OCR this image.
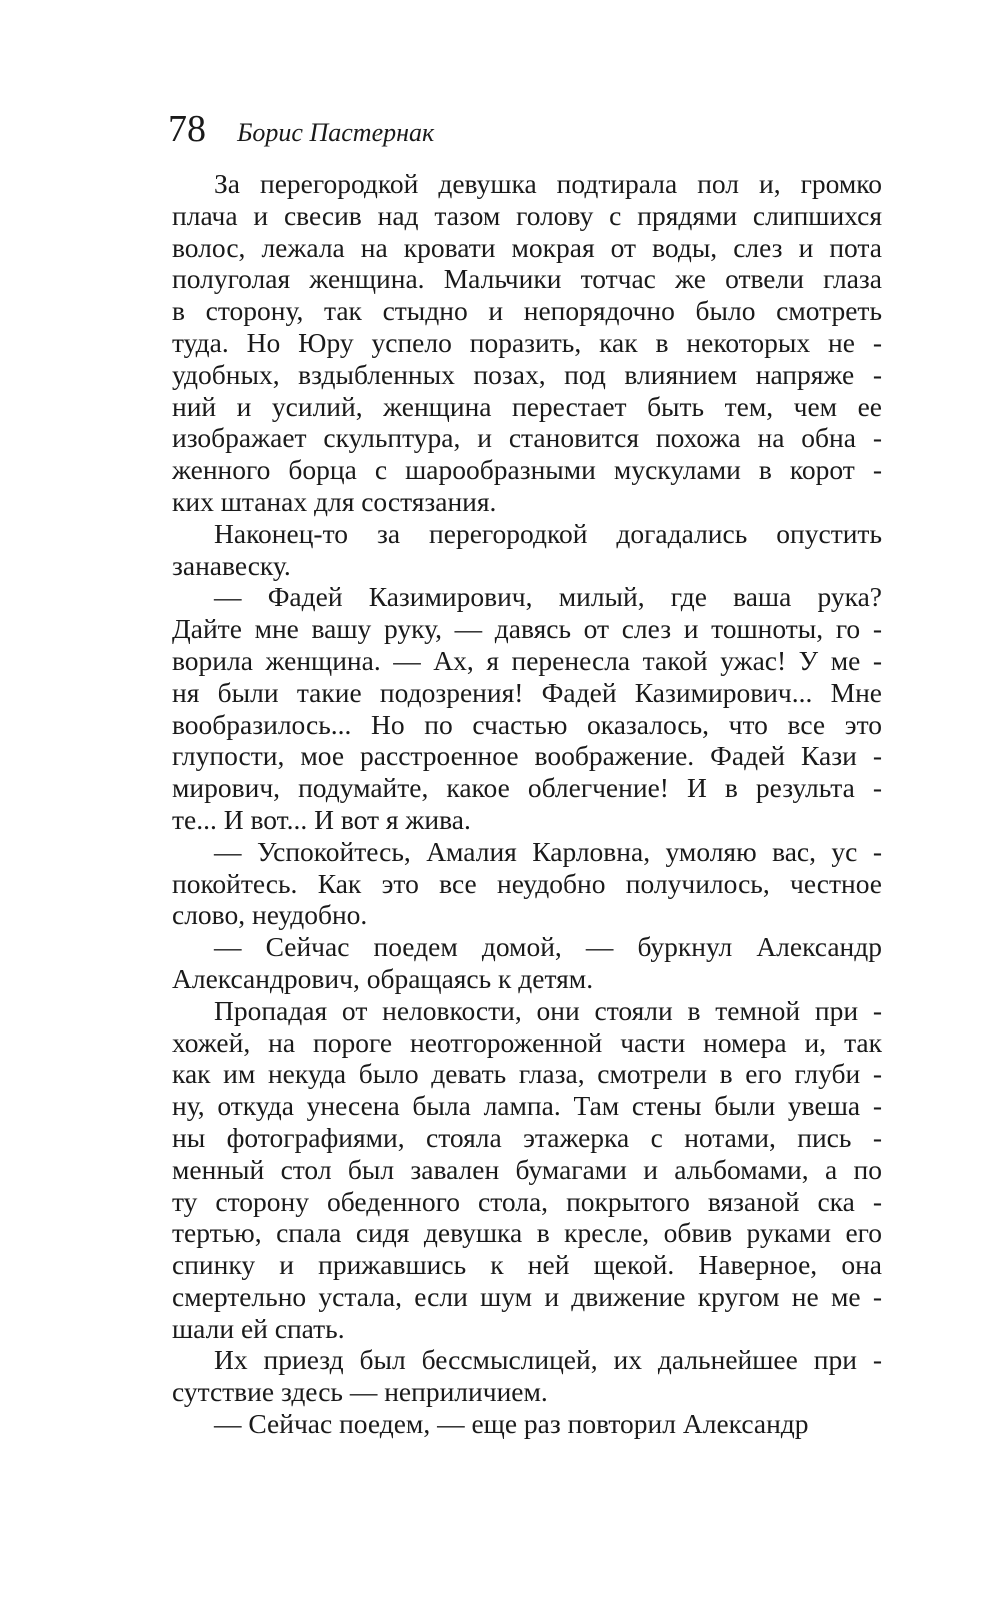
78 Борис Пастернак
За перегородкой девушка подтирала пол и, громко
плача и свесив над тазом голову с прядями слипшихся
волос, лежала на кровати мокрая от воды, слез и пота
полуголая женщина. Мальчики тотчас же отвели глаза
в сторону, так стыдно и непорядочно было смотреть
туда. Но Юру успело поразить, как в некоторых не -
удобных, вздыбленных позах, под влиянием напряже -
ний и усилий, женщина перестает быть тем, чем ее
изображает скульптура, и становится похожа на обна -
женного борца с шарообразными мускулами в корот -
ких штанах для состязания.
Наконец-то за перегородкой догадались опустить
занавеску.
— Фадей Казимирович, милый, где ваша рука?
Дайте мне вашу руку, — давясь от слез и тошноты, го -
ворила женщина. — Ах, я перенесла такой ужас! У ме -
ня были такие подозрения! Фадей Казимирович... Мне
вообразилось... Но по счастью оказалось, что все это
глупости, мое расстроенное воображение. Фадей Кази -
мирович, подумайте, какое облегчение! И в результа -
те... И вот... И вот я жива.
— Успокойтесь, Амалия Карловна, умоляю вас, ус -
покойтесь. Как это все неудобно получилось, честное
слово, неудобно.
— Сейчас поедем домой, — буркнул Александр
Александрович, обращаясь к детям.
Пропадая от неловкости, они стояли в темной при -
хожей, на пороге неотгороженной части номера и, так
как им некуда было девать глаза, смотрели в его глуби -
ну, откуда унесена была лампа. Там стены были увеша -
ны фотографиями, стояла этажерка с нотами, пись -
менный стол был завален бумагами и альбомами, а по
ту сторону обеденного стола, покрытого вязаной ска -
тертью, спала сидя девушка в кресле, обвив руками его
спинку и прижавшись к ней щекой. Наверное, она
смертельно устала, если шум и движение кругом не ме -
шали ей спать.
Их приезд был бессмыслицей, их дальнейшее при -
сутствие здесь — неприличием.
— Сейчас поедем, — еще раз повторил Александр
